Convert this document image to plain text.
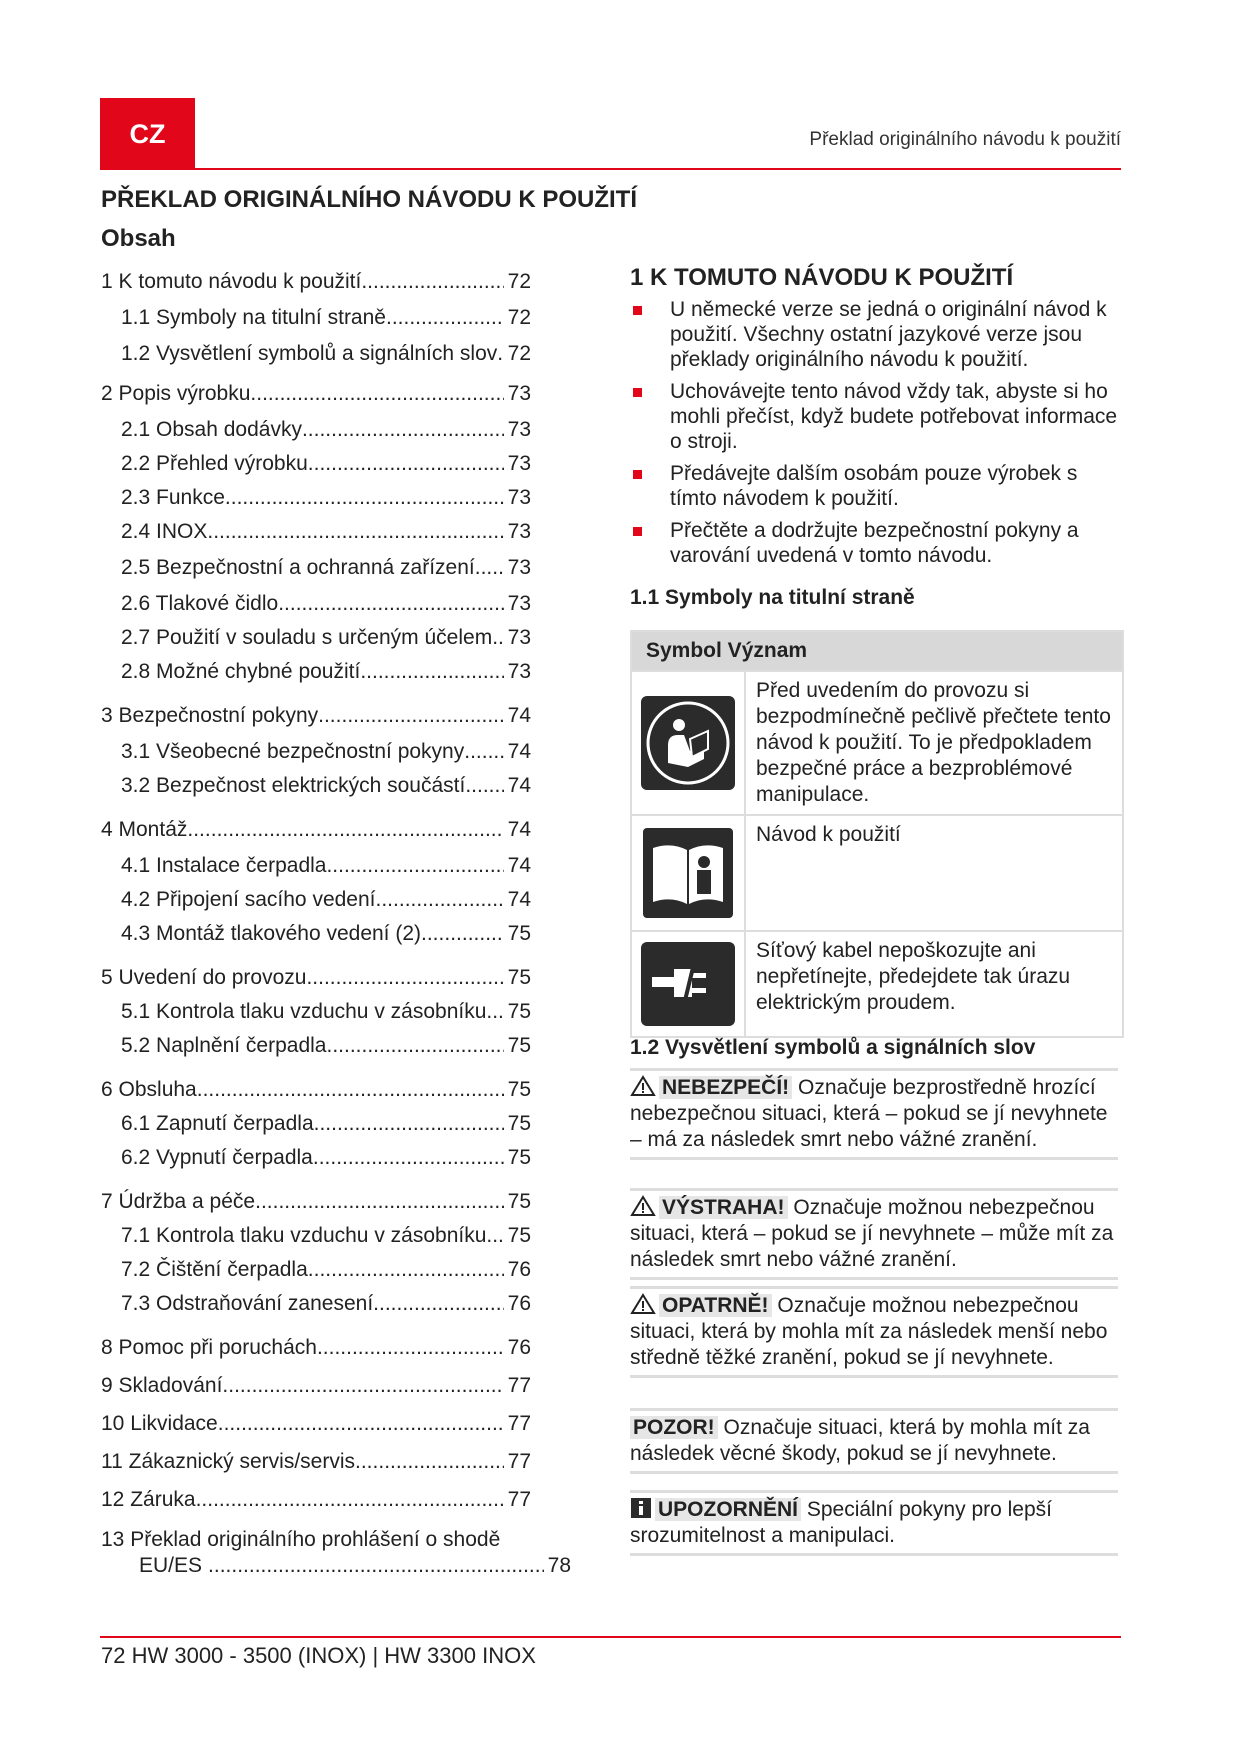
CZ	Překlad originálního návodu k použití
PŘEKLAD ORIGINÁLNÍHO NÁVODU K POUŽITÍ
Obsah
1 K tomuto návodu k použití .....	72
1.1 Symboly na titulní straně .....	72
1.2 Vysvětlení symbolů a signálních slov ..... 72
2 Popis výrobku .....	73
2.1 Obsah dodávky .....	73
2.2 Přehled výrobku .....	73
2.3 Funkce .....	73
2.4 INOX .....	73
2.5 Bezpečnostní a ochranná zařízení ..... 73
2.6 Tlakové čidlo .....	73
2.7 Použití v souladu s určeným účelem ..... 73
2.8 Možné chybné použití .....	73
3 Bezpečnostní pokyny .....	74
3.1 Všeobecné bezpečnostní pokyny ..... 74
3.2 Bezpečnost elektrických součástí ..... 74
4 Montáž .....	74
4.1 Instalace čerpadla .....	74
4.2 Připojení sacího vedení .....	74
4.3 Montáž tlakového vedení (2) .....	75
5 Uvedení do provozu .....	75
5.1 Kontrola tlaku vzduchu v zásobníku ..... 75
5.2 Naplnění čerpadla .....	75
6 Obsluha .....	75
6.1 Zapnutí čerpadla .....	75
6.2 Vypnutí čerpadla .....	75
7 Údržba a péče .....	75
7.1 Kontrola tlaku vzduchu v zásobníku ..... 75
7.2 Čištění čerpadla .....	76
7.3 Odstraňování zanesení .....	76
8 Pomoc při poruchách .....	76
9 Skladování .....	77
10 Likvidace .....	77
11 Zákaznický servis/servis .....	77
12 Záruka .....	77
13 Překlad originálního prohlášení o shodě
EU/ES .....	78
1 K TOMUTO NÁVODU K POUŽITÍ
U německé verze se jedná o originální návod k použití. Všechny ostatní jazykové verze jsou překlady originálního návodu k použití.
Uchovávejte tento návod vždy tak, abyste si ho mohli přečíst, když budete potřebovat informace o stroji.
Předávejte dalším osobám pouze výrobek s tímto návodem k použití.
Přečtěte a dodržujte bezpečnostní pokyny a varování uvedená v tomto návodu.
1.1 Symboly na titulní straně
Symbol Význam
Před uvedením do provozu si bezpodmínečně pečlivě přečtete tento návod k použití. To je předpokladem bezpečné práce a bezproblémové manipulace.
Návod k použití
Síťový kabel nepoškozujte ani nepřetínejte, předejdete tak úrazu elektrickým proudem.
1.2 Vysvětlení symbolů a signálních slov
NEBEZPEČÍ! Označuje bezprostředně hrozící nebezpečnou situaci, která – pokud se jí nevyhnete – má za následek smrt nebo vážné zranění.
VÝSTRAHA! Označuje možnou nebezpečnou situaci, která – pokud se jí nevyhnete – může mít za následek smrt nebo vážné zranění.
OPATRNĚ! Označuje možnou nebezpečnou situaci, která by mohla mít za následek menší nebo středně těžké zranění, pokud se jí nevyhnete.
POZOR! Označuje situaci, která by mohla mít za následek věcné škody, pokud se jí nevyhnete.
UPOZORNĚNÍ Speciální pokyny pro lepší srozumitelnost a manipulaci.
72 HW 3000 - 3500 (INOX) | HW 3300 INOX
